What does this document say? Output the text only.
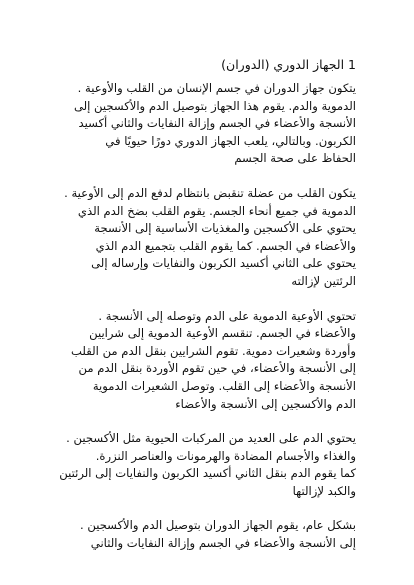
1 الجهاز الدوري (الدوران)
يتكون جهاز الدوران في جسم الإنسان من القلب والأوعية .
الدموية والدم. يقوم هذا الجهاز بتوصيل الدم والأكسجين إلى
الأنسجة والأعضاء في الجسم وإزالة النفايات والثاني أكسيد
الكربون. وبالتالي، يلعب الجهاز الدوري دورًا حيويًا في
الحفاظ على صحة الجسم
يتكون القلب من عضلة تنقبض بانتظام لدفع الدم إلى الأوعية .
الدموية في جميع أنحاء الجسم. يقوم القلب بضخ الدم الذي
يحتوي على الأكسجين والمغذيات الأساسية إلى الأنسجة
والأعضاء في الجسم. كما يقوم القلب بتجميع الدم الذي
يحتوي على الثاني أكسيد الكربون والنفايات وإرساله إلى
الرئتين لإزالته
تحتوي الأوعية الدموية على الدم وتوصله إلى الأنسجة .
والأعضاء في الجسم. تنقسم الأوعية الدموية إلى شرايين
وأوردة وشعيرات دموية. تقوم الشرايين بنقل الدم من القلب
إلى الأنسجة والأعضاء، في حين تقوم الأوردة بنقل الدم من
الأنسجة والأعضاء إلى القلب. وتوصل الشعيرات الدموية
الدم والأكسجين إلى الأنسجة والأعضاء
يحتوي الدم على العديد من المركبات الحيوية مثل الأكسجين .
والغذاء والأجسام المضادة والهرمونات والعناصر النزرة.
كما يقوم الدم بنقل الثاني أكسيد الكربون والنفايات إلى الرئتين
والكبد لإزالتها
بشكل عام، يقوم الجهاز الدوران بتوصيل الدم والأكسجين .
إلى الأنسجة والأعضاء في الجسم وإزالة النفايات والثاني
